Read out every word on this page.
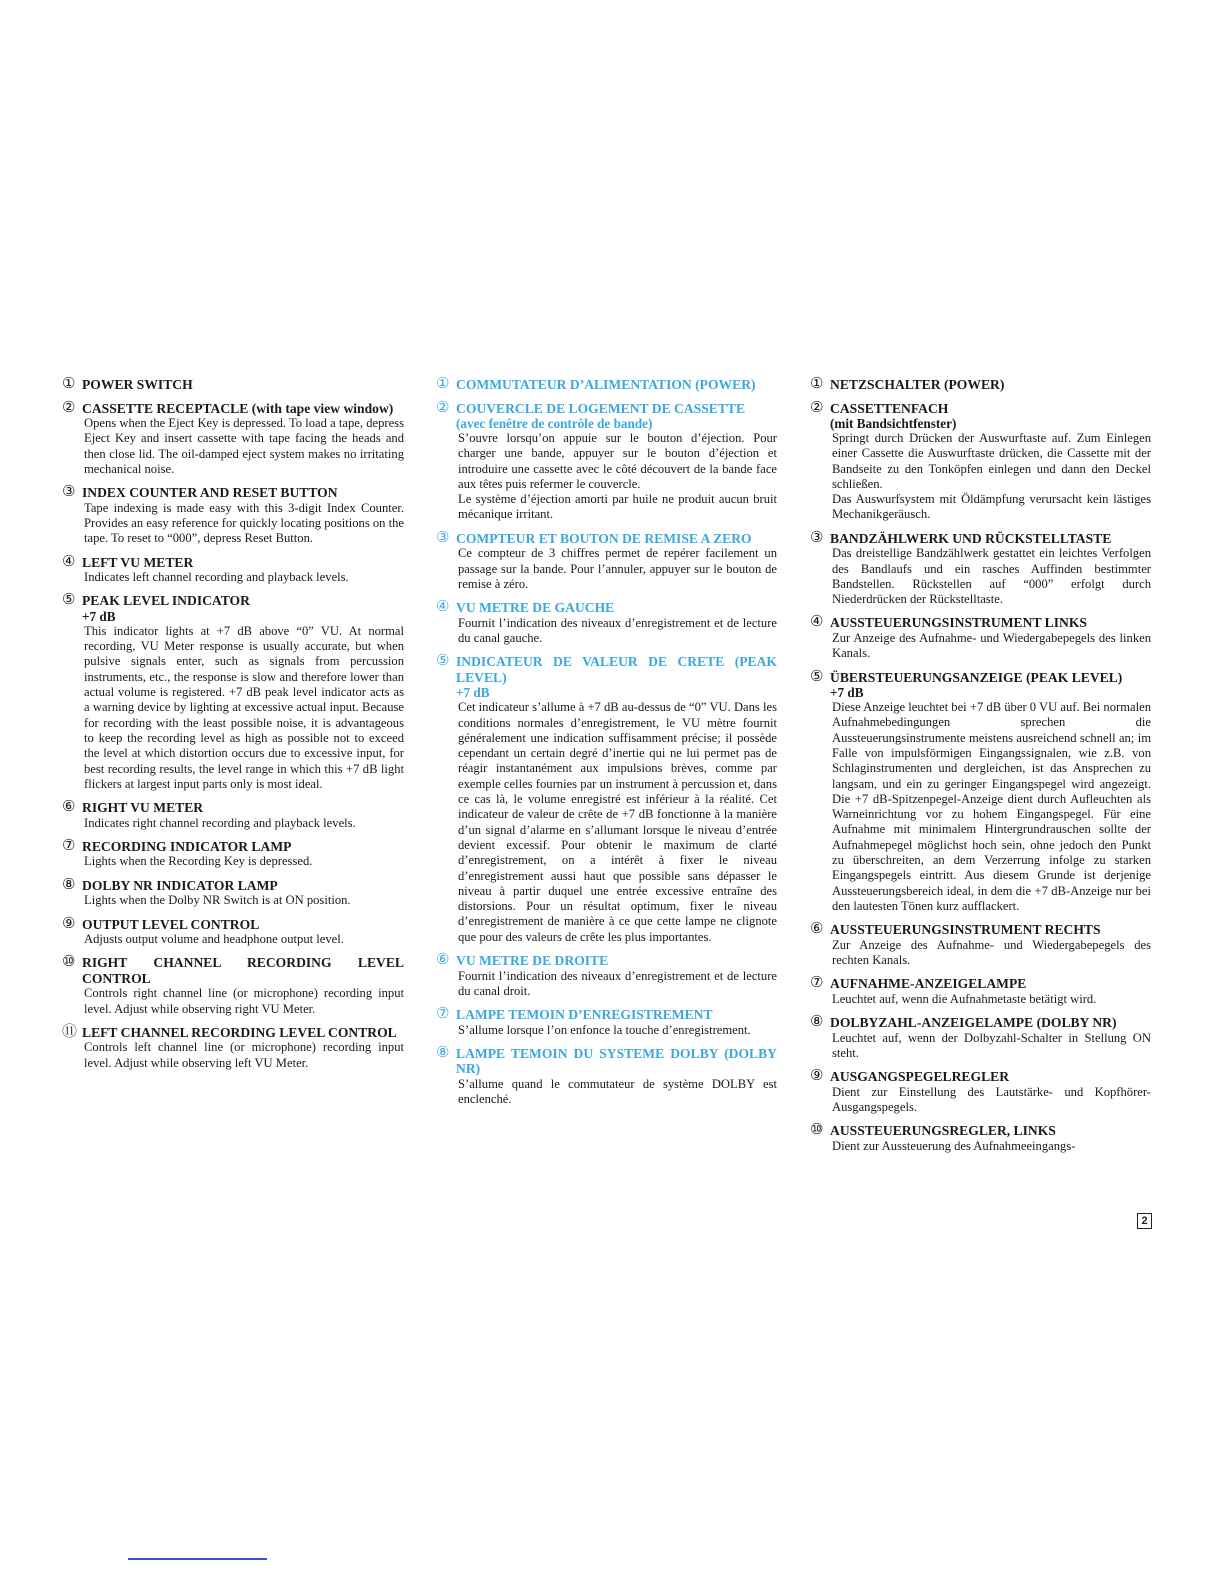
① POWER SWITCH
② CASSETTE RECEPTACLE (with tape view window)

Opens when the Eject Key is depressed. To load a tape, depress Eject Key and insert cassette with tape facing the heads and then close lid. The oil-damped eject system makes no irritating mechanical noise.

③ INDEX COUNTER AND RESET BUTTON

Tape indexing is made easy with this 3-digit Index Counter. Provides an easy reference for quickly locating positions on the tape. To reset to “000”, depress Reset Button.

④ LEFT VU METER

Indicates left channel recording and playback levels.

⑤ PEAK LEVEL INDICATOR
+7 dB

This indicator lights at +7 dB above “0” VU. At normal recording, VU Meter response is usually accurate, but when pulsive signals enter, such as signals from percussion instruments, etc., the response is slow and therefore lower than actual volume is registered. +7 dB peak level indicator acts as a warning device by lighting at excessive actual input. Because for recording with the least possible noise, it is advantageous to keep the recording level as high as possible not to exceed the level at which distortion occurs due to excessive input, for best recording results, the level range in which this +7 dB light flickers at largest input parts only is most ideal.

⑥ RIGHT VU METER

Indicates right channel recording and playback levels.

⑦ RECORDING INDICATOR LAMP

Lights when the Recording Key is depressed.

⑧ DOLBY NR INDICATOR LAMP

Lights when the Dolby NR Switch is at ON position.

⑨ OUTPUT LEVEL CONTROL

Adjusts output volume and headphone output level.

⑩ RIGHT CHANNEL RECORDING LEVEL CONTROL

Controls right channel line (or microphone) recording input level. Adjust while observing right VU Meter.

⑪ LEFT CHANNEL RECORDING LEVEL CONTROL

Controls left channel line (or microphone) recording input level. Adjust while observing left VU Meter.

① COMMUTATEUR D’ALIMENTATION (POWER)
② COUVERCLE DE LOGEMENT DE CASSETTE
(avec fenêtre de contrôle de bande)

S’ouvre lorsqu’on appuie sur le bouton d’éjection. Pour charger une bande, appuyer sur le bouton d’éjection et introduire une cassette avec le côté découvert de la bande face aux têtes puis refermer le couvercle.

Le système d’éjection amorti par huile ne produit aucun bruit mécanique irritant.

③ COMPTEUR ET BOUTON DE REMISE A ZERO

Ce compteur de 3 chiffres permet de repérer facilement un passage sur la bande. Pour l’annuler, appuyer sur le bouton de remise à zéro.

④ VU METRE DE GAUCHE

Fournit l’indication des niveaux d’enregistrement et de lecture du canal gauche.

⑤ INDICATEUR DE VALEUR DE CRETE (PEAK LEVEL)
+7 dB

Cet indicateur s’allume à +7 dB au-dessus de “0” VU. Dans les conditions normales d’enregistrement, le VU mètre fournit généralement une indication suffisamment précise; il possède cependant un certain degré d’inertie qui ne lui permet pas de réagir instantanément aux impulsions brèves, comme par exemple celles fournies par un instrument à percussion et, dans ce cas là, le volume enregistré est inférieur à la réalité. Cet indicateur de valeur de crête de +7 dB fonctionne à la manière d’un signal d’alarme en s’allumant lorsque le niveau d’entrée devient excessif. Pour obtenir le maximum de clarté d’enregistrement, on a intérêt à fixer le niveau d’enregistrement aussi haut que possible sans dépasser le niveau à partir duquel une entrée excessive entraîne des distorsions. Pour un résultat optimum, fixer le niveau d’enregistrement de manière à ce que cette lampe ne clignote que pour des valeurs de crête les plus importantes.

⑥ VU METRE DE DROITE

Fournit l’indication des niveaux d’enregistrement et de lecture du canal droit.

⑦ LAMPE TEMOIN D’ENREGISTREMENT

S’allume lorsque l’on enfonce la touche d’enregistrement.

⑧ LAMPE TEMOIN DU SYSTEME DOLBY (DOLBY NR)

S’allume quand le commutateur de système DOLBY est enclenché.

① NETZSCHALTER (POWER)
② CASSETTENFACH
(mit Bandsichtfenster)

Springt durch Drücken der Auswurftaste auf. Zum Einlegen einer Cassette die Auswurftaste drücken, die Cassette mit der Bandseite zu den Tonköpfen einlegen und dann den Deckel schließen.

Das Auswurfsystem mit Öldämpfung verursacht kein lästiges Mechanikgeräusch.

③ BANDZÄHLWERK UND RÜCKSTELLTASTE

Das dreistellige Bandzählwerk gestattet ein leichtes Verfolgen des Bandlaufs und ein rasches Auffinden bestimmter Bandstellen. Rückstellen auf “000” erfolgt durch Niederdrücken der Rückstelltaste.

④ AUSSTEUERUNGSINSTRUMENT LINKS

Zur Anzeige des Aufnahme- und Wiedergabepegels des linken Kanals.

⑤ ÜBERSTEUERUNGSANZEIGE (PEAK LEVEL)
+7 dB

Diese Anzeige leuchtet bei +7 dB über 0 VU auf. Bei normalen Aufnahmebedingungen sprechen die Aussteuerungsinstrumente meistens ausreichend schnell an; im Falle von impulsförmigen Eingangssignalen, wie z.B. von Schlaginstrumenten und dergleichen, ist das Ansprechen zu langsam, und ein zu geringer Eingangspegel wird angezeigt. Die +7 dB-Spitzenpegel-Anzeige dient durch Aufleuchten als Warneinrichtung vor zu hohem Eingangspegel. Für eine Aufnahme mit minimalem Hintergrundrauschen sollte der Aufnahmepegel möglichst hoch sein, ohne jedoch den Punkt zu überschreiten, an dem Verzerrung infolge zu starken Eingangspegels eintritt. Aus diesem Grunde ist derjenige Aussteuerungsbereich ideal, in dem die +7 dB-Anzeige nur bei den lautesten Tönen kurz aufflackert.

⑥ AUSSTEUERUNGSINSTRUMENT RECHTS

Zur Anzeige des Aufnahme- und Wiedergabepegels des rechten Kanals.

⑦ AUFNAHME-ANZEIGELAMPE

Leuchtet auf, wenn die Aufnahmetaste betätigt wird.

⑧ DOLBYZAHL-ANZEIGELAMPE (DOLBY NR)

Leuchtet auf, wenn der Dolbyzahl-Schalter in Stellung ON steht.

⑨ AUSGANGSPEGELREGLER

Dient zur Einstellung des Lautstärke- und Kopfhörer-Ausgangspegels.

⑩ AUSSTEUERUNGSREGLER, LINKS

Dient zur Aussteuerung des Aufnahmeeingangs-

2
